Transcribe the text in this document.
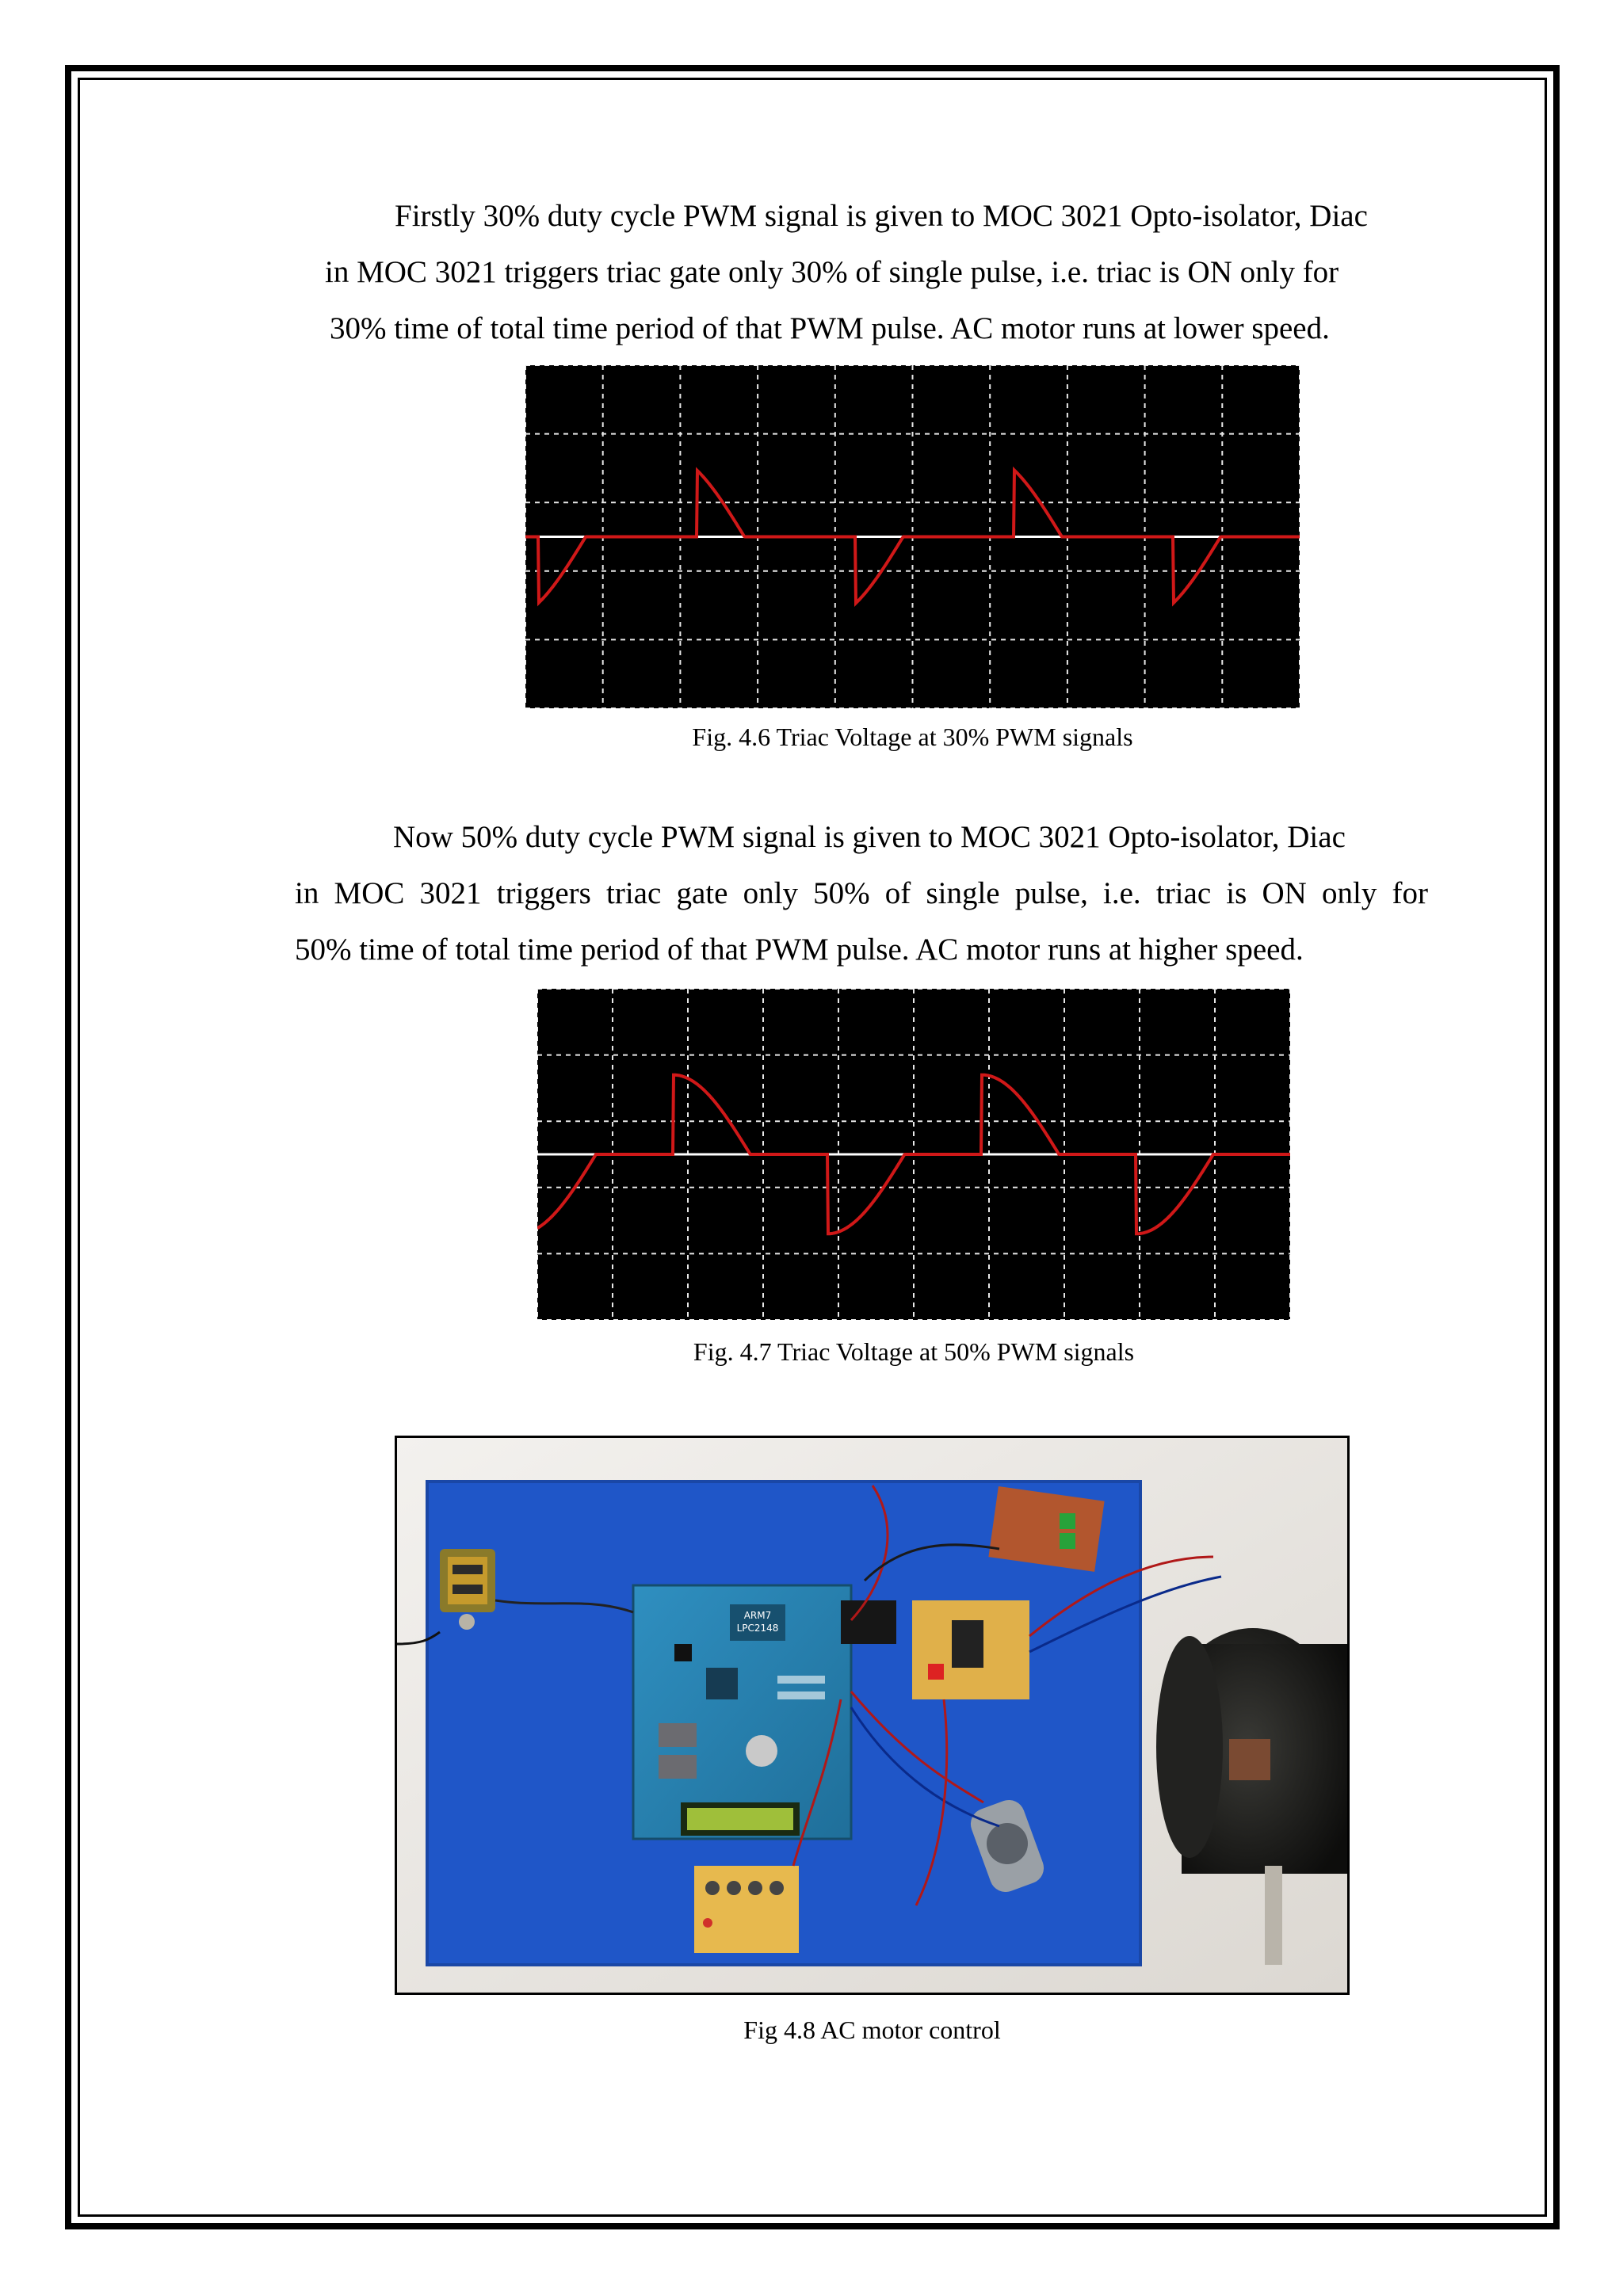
Firstly 30% duty cycle PWM signal is given to MOC 3021 Opto-isolator, Diac
in MOC 3021 triggers triac gate only 30% of single pulse, i.e. triac is ON only for
30% time of total time period of that PWM pulse. AC motor runs at lower speed.

Fig. 4.6 Triac Voltage at 30% PWM signals

Now 50% duty cycle PWM signal is given to MOC 3021 Opto-isolator, Diac
in MOC 3021 triggers triac gate only 50% of single pulse, i.e. triac is ON only for
50% time of total time period of that PWM pulse. AC motor runs at higher speed.

Fig. 4.7 Triac Voltage at 50% PWM signals

ARM7
LPC2148

Fig 4.8 AC motor control
